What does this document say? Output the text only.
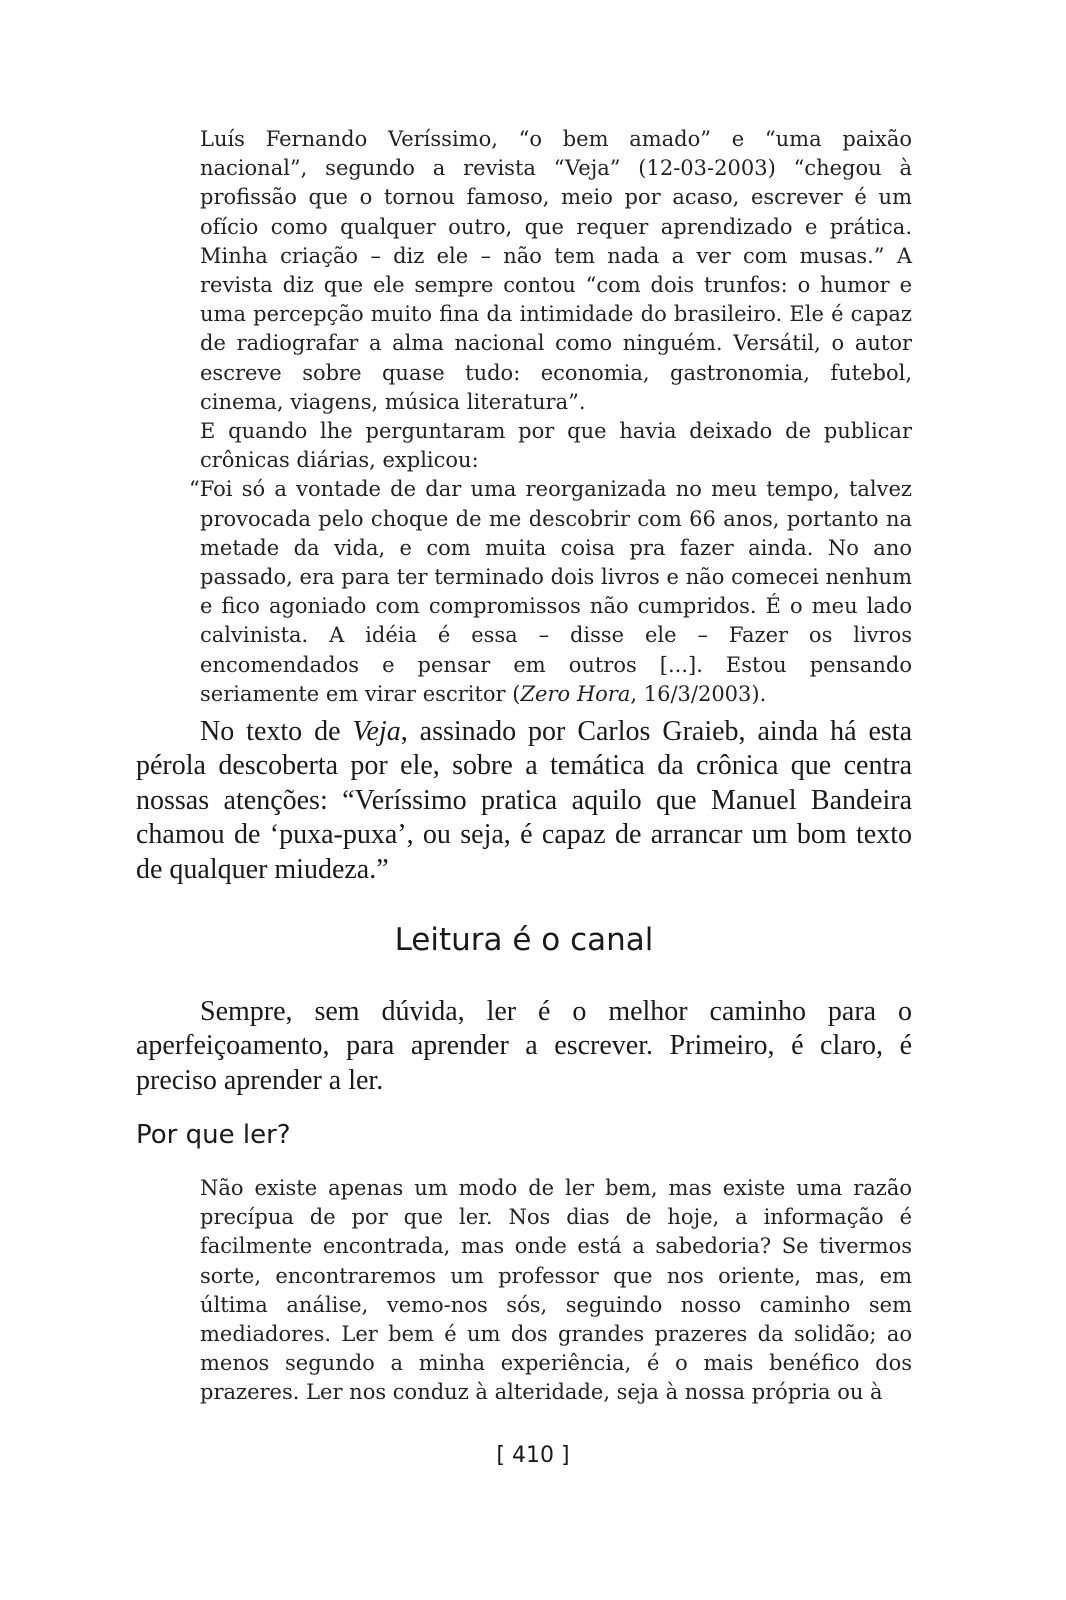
Luís Fernando Veríssimo, “o bem amado” e “uma paixão nacional”, segundo a revista “Veja” (12-03-2003) “chegou à profissão que o tornou famoso, meio por acaso, escrever é um ofício como qualquer outro, que requer aprendizado e prática. Minha criação – diz ele – não tem nada a ver com musas.” A revista diz que ele sempre contou “com dois trunfos: o humor e uma percepção muito fina da intimidade do brasileiro. Ele é capaz de radiografar a alma nacional como ninguém. Versátil, o autor escreve sobre quase tudo: economia, gastronomia, futebol, cinema, viagens, música literatura”.

E quando lhe perguntaram por que havia deixado de publicar crônicas diárias, explicou:

“Foi só a vontade de dar uma reorganizada no meu tempo, talvez provocada pelo choque de me descobrir com 66 anos, portanto na metade da vida, e com muita coisa pra fazer ainda. No ano passado, era para ter terminado dois livros e não comecei nenhum e fico agoniado com compromissos não cumpridos. É o meu lado calvinista. A idéia é essa – disse ele – Fazer os livros encomendados e pensar em outros [...]. Estou pensando seriamente em virar escritor (Zero Hora, 16/3/2003).

No texto de Veja, assinado por Carlos Graieb, ainda há esta pérola descoberta por ele, sobre a temática da crônica que centra nossas atenções: “Veríssimo pratica aquilo que Manuel Bandeira chamou de ‘puxa-puxa’, ou seja, é capaz de arrancar um bom texto de qualquer miudeza.”

Leitura é o canal

Sempre, sem dúvida, ler é o melhor caminho para o aperfeiçoamento, para aprender a escrever. Primeiro, é claro, é preciso aprender a ler.

Por que ler?

Não existe apenas um modo de ler bem, mas existe uma razão precípua de por que ler. Nos dias de hoje, a informação é facilmente encontrada, mas onde está a sabedoria? Se tivermos sorte, encontraremos um professor que nos oriente, mas, em última análise, vemo-nos sós, seguindo nosso caminho sem mediadores. Ler bem é um dos grandes prazeres da solidão; ao menos segundo a minha experiência, é o mais benéfico dos prazeres. Ler nos conduz à alteridade, seja à nossa própria ou à

[ 410 ]
